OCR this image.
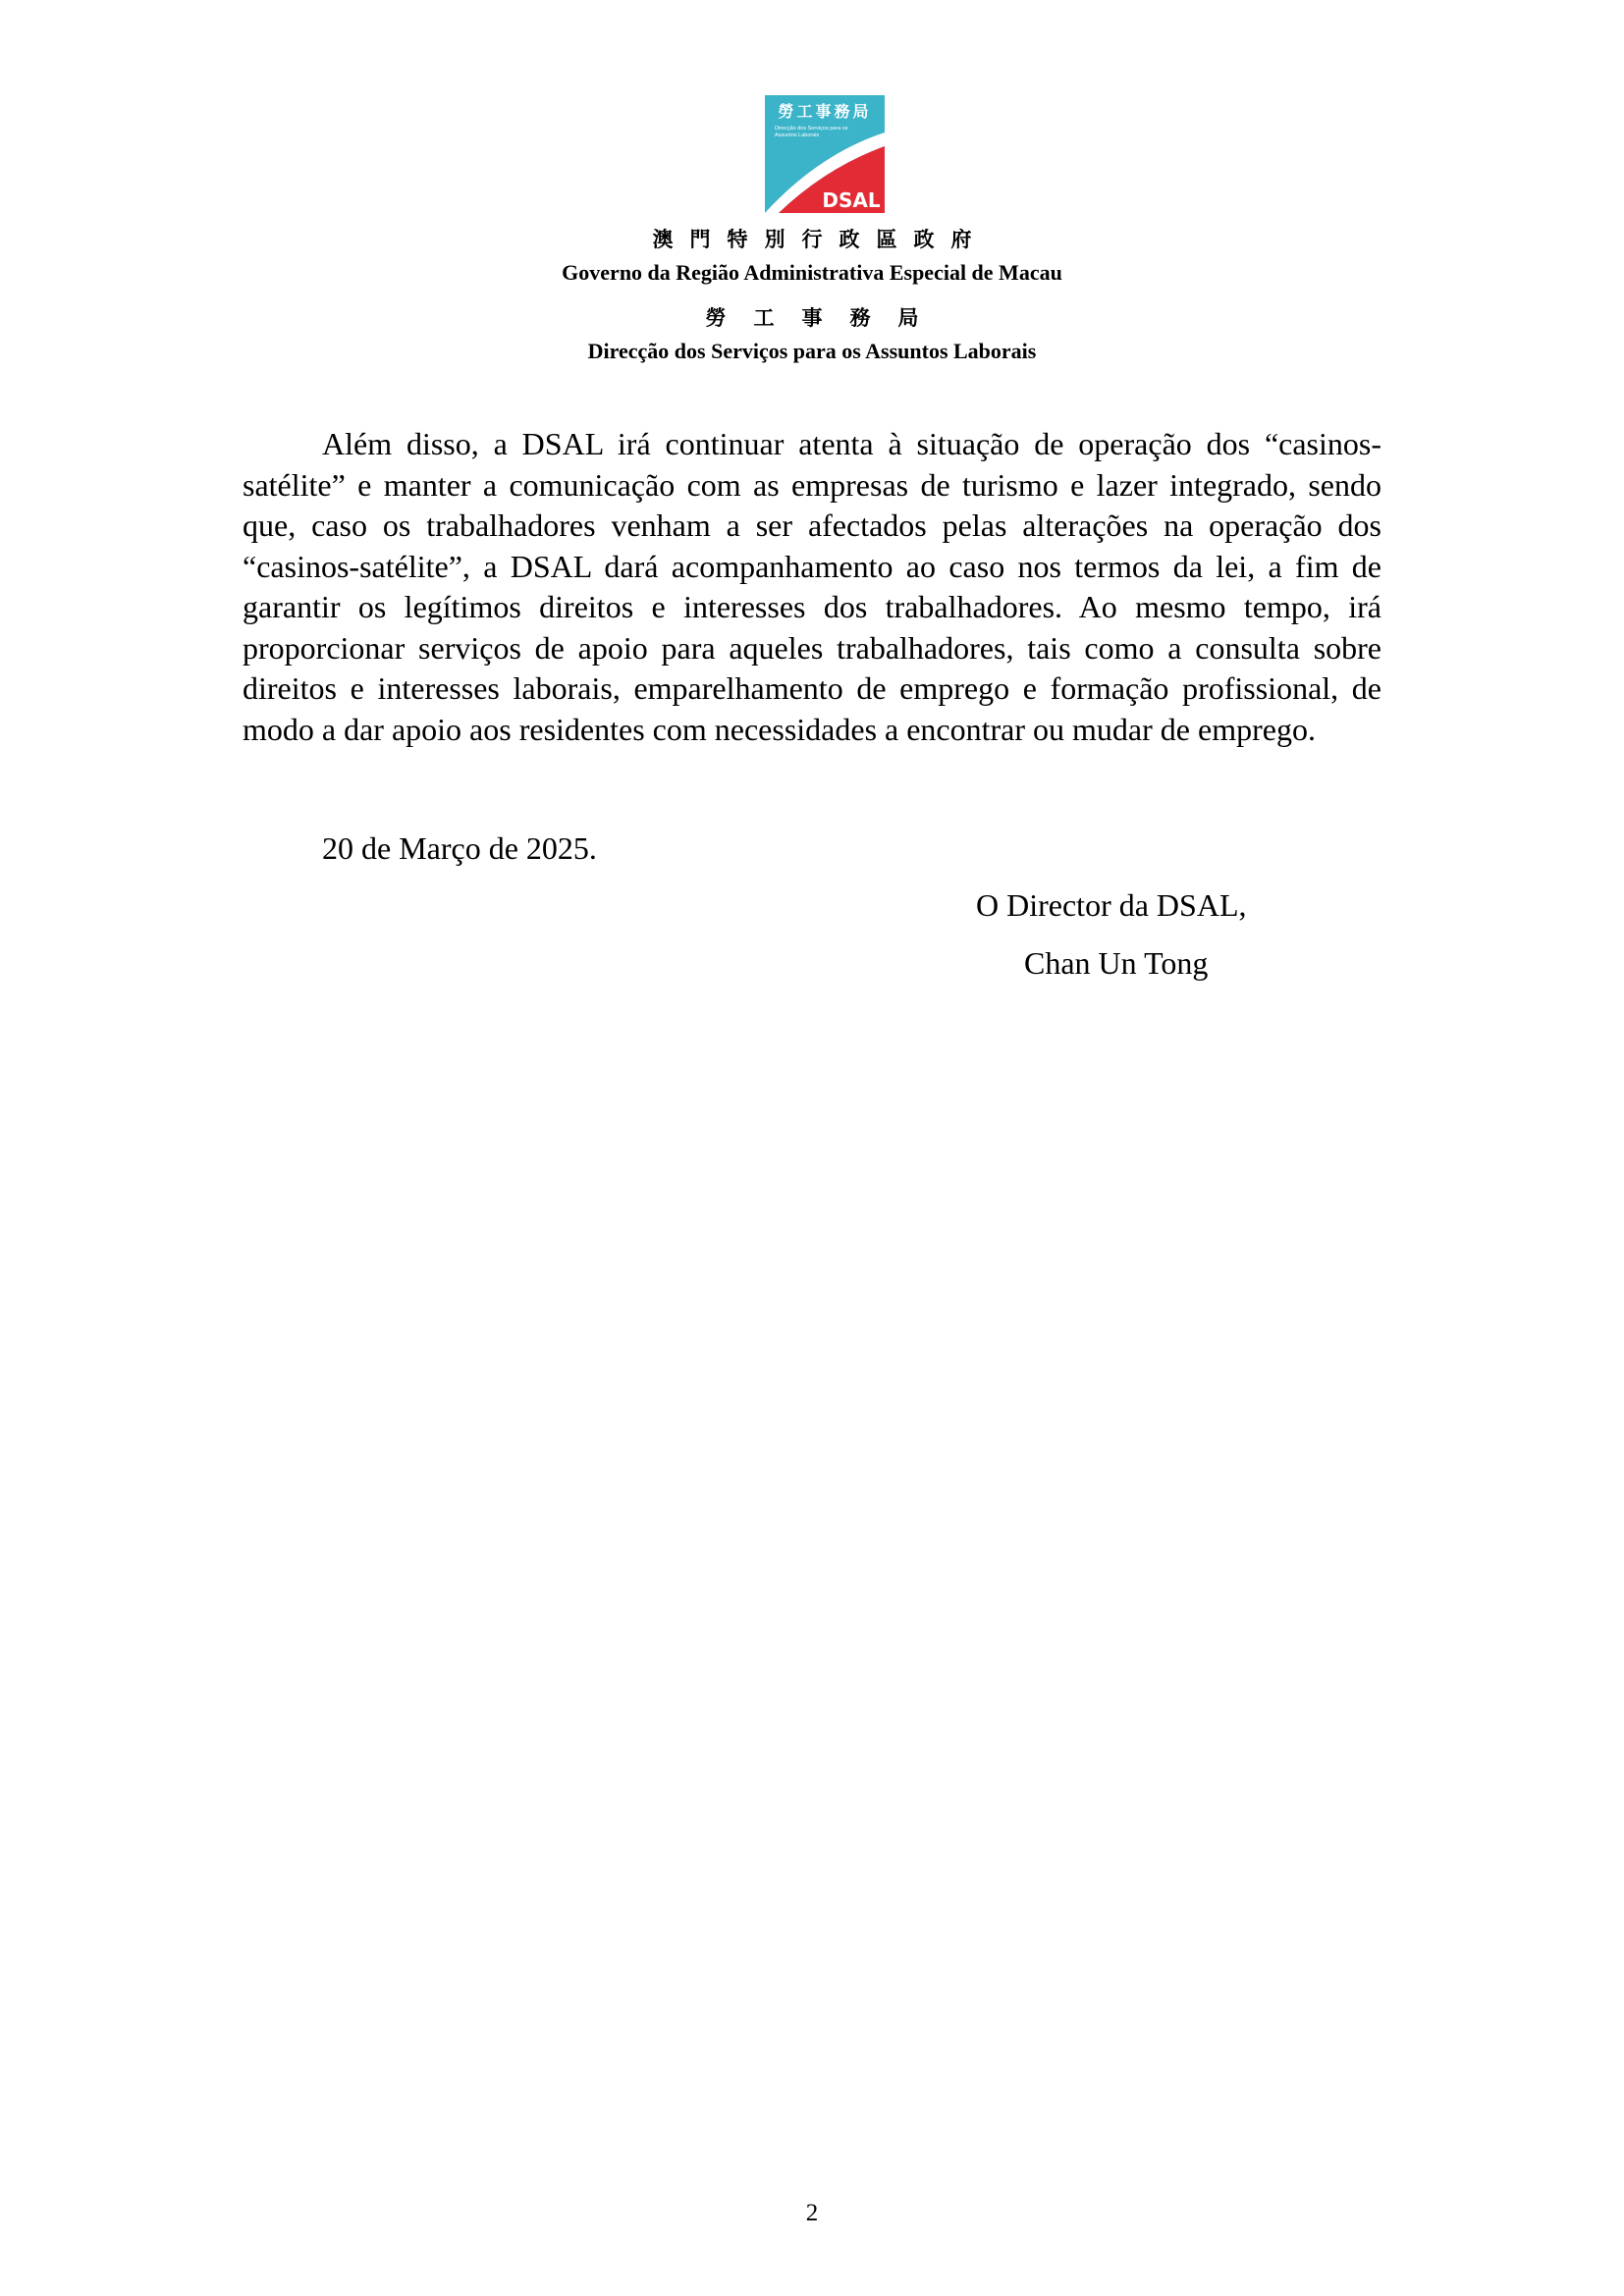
勞工事務局
Direcção dos Serviços para os
Assuntos Laborais
DSAL
澳門特別行政區政府
Governo da Região Administrativa Especial de Macau
勞工事務局
Direcção dos Serviços para os Assuntos Laborais

Além disso, a DSAL irá continuar atenta à situação de operação dos “casinos-satélite” e manter a comunicação com as empresas de turismo e lazer integrado, sendo que, caso os trabalhadores venham a ser afectados pelas alterações na operação dos “casinos-satélite”, a DSAL dará acompanhamento ao caso nos termos da lei, a fim de garantir os legítimos direitos e interesses dos trabalhadores. Ao mesmo tempo, irá proporcionar serviços de apoio para aqueles trabalhadores, tais como a consulta sobre direitos e interesses laborais, emparelhamento de emprego e formação profissional, de modo a dar apoio aos residentes com necessidades a encontrar ou mudar de emprego.

20 de Março de 2025.
O Director da DSAL,
Chan Un Tong
2
